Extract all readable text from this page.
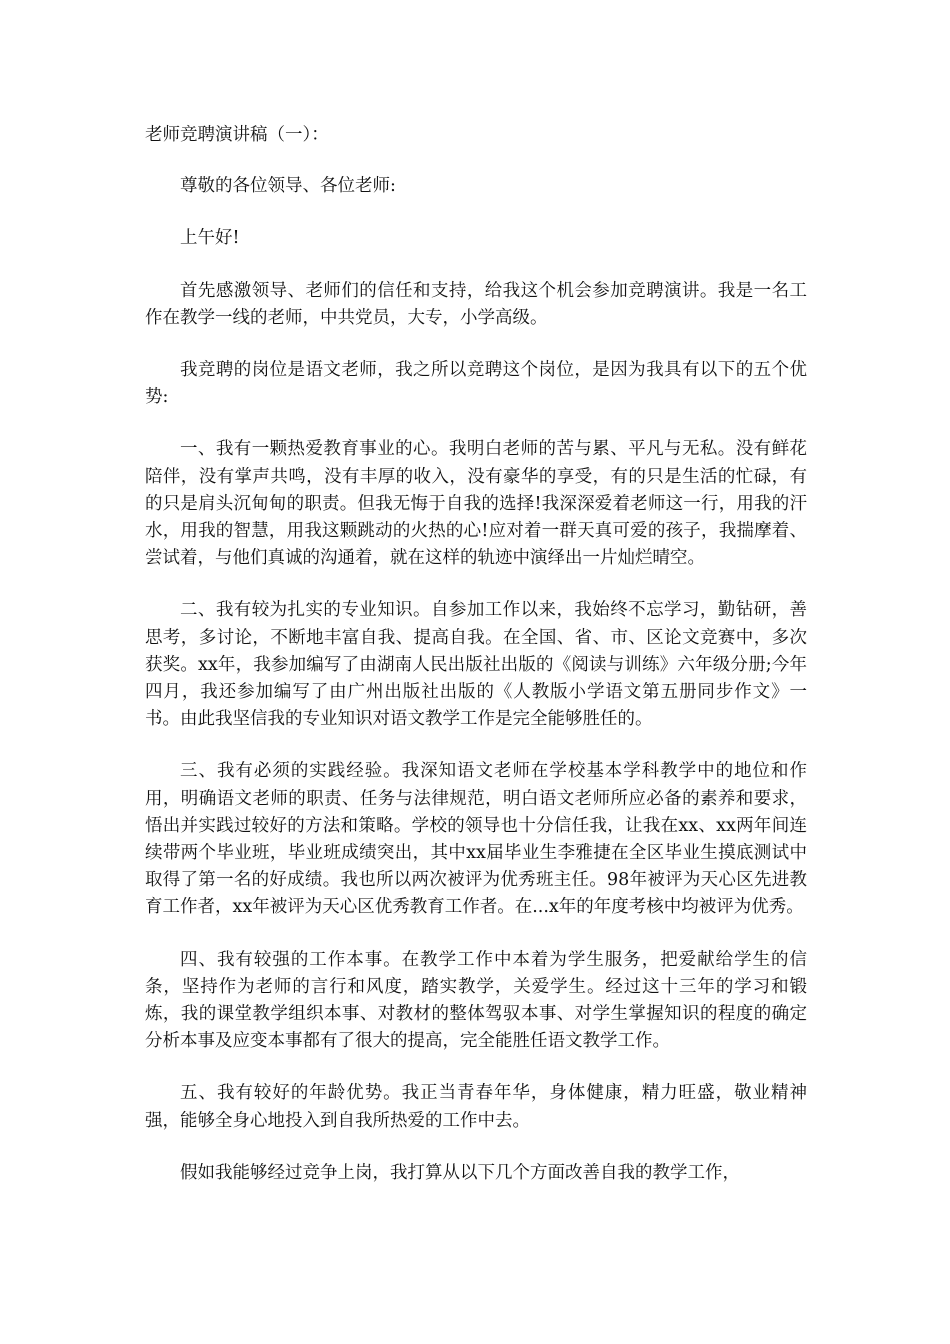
老师竞聘演讲稿（一）：

尊敬的各位领导、各位老师:

上午好!

首先感激领导、老师们的信任和支持，给我这个机会参加竞聘演讲。我是一名工作在教学一线的老师，中共党员，大专，小学高级。

我竞聘的岗位是语文老师，我之所以竞聘这个岗位，是因为我具有以下的五个优势:

一、我有一颗热爱教育事业的心。我明白老师的苦与累、平凡与无私。没有鲜花陪伴，没有掌声共鸣，没有丰厚的收入，没有豪华的享受，有的只是生活的忙碌，有的只是肩头沉甸甸的职责。但我无悔于自我的选择!我深深爱着老师这一行，用我的汗水，用我的智慧，用我这颗跳动的火热的心!应对着一群天真可爱的孩子，我揣摩着、尝试着，与他们真诚的沟通着，就在这样的轨迹中演绎出一片灿烂晴空。

二、我有较为扎实的专业知识。自参加工作以来，我始终不忘学习，勤钻研，善思考，多讨论，不断地丰富自我、提高自我。在全国、省、市、区论文竞赛中，多次获奖。xx年，我参加编写了由湖南人民出版社出版的《阅读与训练》六年级分册;今年四月，我还参加编写了由广州出版社出版的《人教版小学语文第五册同步作文》一书。由此我坚信我的专业知识对语文教学工作是完全能够胜任的。

三、我有必须的实践经验。我深知语文老师在学校基本学科教学中的地位和作用，明确语文老师的职责、任务与法律规范，明白语文老师所应必备的素养和要求，悟出并实践过较好的方法和策略。学校的领导也十分信任我，让我在xx、xx两年间连续带两个毕业班，毕业班成绩突出，其中xx届毕业生李雅捷在全区毕业生摸底测试中取得了第一名的好成绩。我也所以两次被评为优秀班主任。98年被评为天心区先进教育工作者，xx年被评为天心区优秀教育工作者。在...x年的年度考核中均被评为优秀。

四、我有较强的工作本事。在教学工作中本着为学生服务，把爱献给学生的信条，坚持作为老师的言行和风度，踏实教学，关爱学生。经过这十三年的学习和锻炼，我的课堂教学组织本事、对教材的整体驾驭本事、对学生掌握知识的程度的确定分析本事及应变本事都有了很大的提高，完全能胜任语文教学工作。

五、我有较好的年龄优势。我正当青春年华，身体健康，精力旺盛，敬业精神强，能够全身心地投入到自我所热爱的工作中去。

假如我能够经过竞争上岗，我打算从以下几个方面改善自我的教学工作，
